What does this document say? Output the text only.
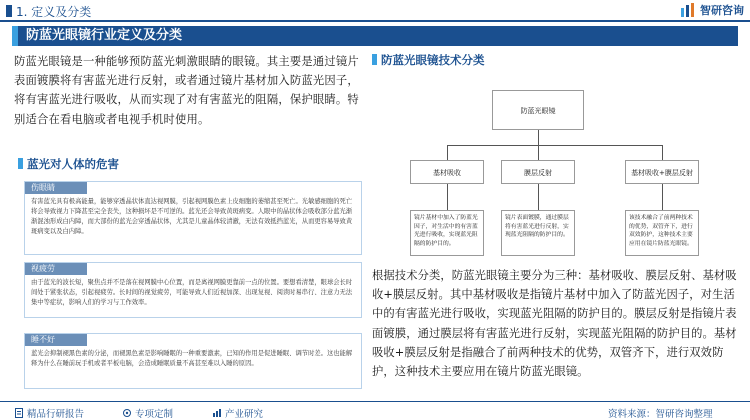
1. 定义及分类	智研咨询
防蓝光眼镜行业定义及分类
防蓝光眼镜是一种能够预防蓝光刺激眼睛的眼镜。其主要是通过镜片表面镀膜将有害蓝光进行反射，或者通过镜片基材加入防蓝光因子，将有害蓝光进行吸收，从而实现了对有害蓝光的阻隔，保护眼睛。特别适合在看电脑或者电视手机时使用。
蓝光对人体的危害
伤眼睛
有害蓝光具有极高能量，能够穿透晶状体直达视网膜，引起视网膜色素上皮细胞的萎缩甚至死亡。光敏感细胞的死亡将会导致视力下降甚至完全丧失，这种损坏是不可逆的。蓝光还会导致黄斑病变。人眼中的晶状体会吸收部分蓝光渐渐混浊形成白内障，而大部份的蓝光会穿透晶状体，尤其是儿童晶体较清澈，无法有效抵挡蓝光，从而更容易导致黄斑病变以及白内障。
视疲劳
由于蓝光的波长短，聚焦点并不是落在视网膜中心位置，而是离视网膜更靠前一点的位置。要想看清楚，眼球会长时间处于紧张状态，引起视疲劳。长时间的视觉疲劳，可能导致人们近视加深、出现复视、阅读时易串行、注意力无法集中等症状，影响人们的学习与工作效率。
睡不好
蓝光会抑制褪黑色素的分泌，而褪黑色素是影响睡眠的一种重要激素，已知的作用是促进睡眠、调节时差。这也能解释为什么在睡前玩手机或者平板电脑，会造成睡眠质量不高甚至难以入睡的原因。
防蓝光眼镜技术分类
防蓝光眼镜
基材吸收	膜层反射	基材吸收+膜层反射
镜片基材中加入了防蓝光因子，对生活中的有害蓝光进行吸收，实现蓝光阻隔的防护目的。
镜片表面镀膜，通过膜层将有害蓝光进行反射，实现蓝光阻隔的防护目的。
该技术融合了前两种技术的优势，双管齐下，进行双效防护，这种技术主要应用在镜片防蓝光眼镜。
根据技术分类，防蓝光眼镜主要分为三种：基材吸收、膜层反射、基材吸收+膜层反射。其中基材吸收是指镜片基材中加入了防蓝光因子，对生活中的有害蓝光进行吸收，实现蓝光阻隔的防护目的。膜层反射是指镜片表面镀膜，通过膜层将有害蓝光进行反射，实现蓝光阻隔的防护目的。基材吸收+膜层反射是指融合了前两种技术的优势，双管齐下，进行双效防护，这种技术主要应用在镜片防蓝光眼镜。
精品行研报告	专项定制	产业研究	资料来源：智研咨询整理
